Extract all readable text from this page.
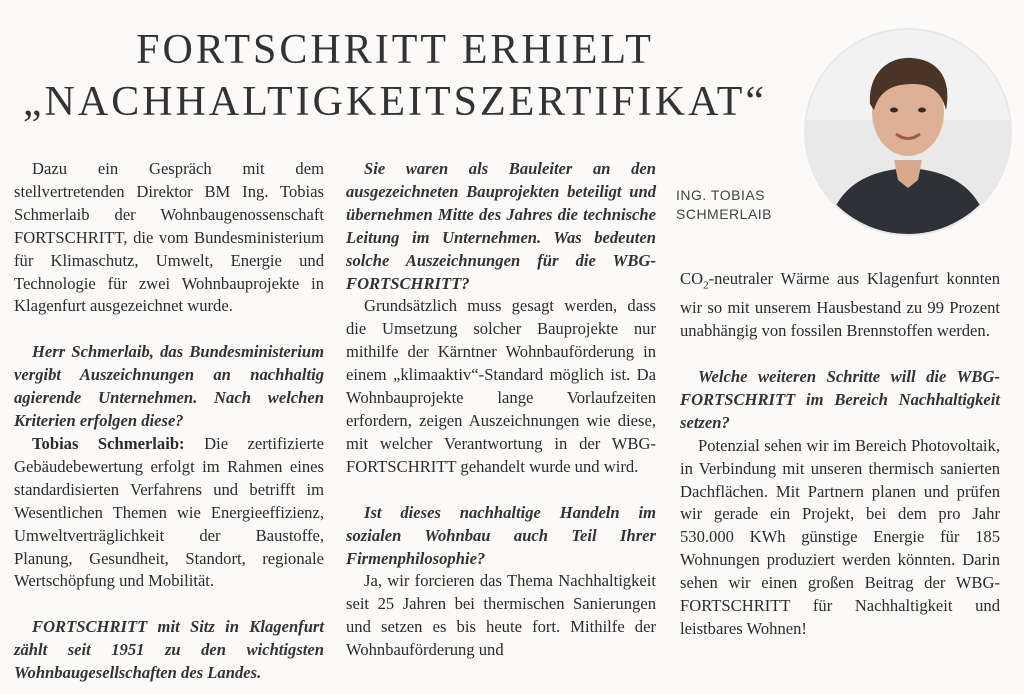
FORTSCHRITT ERHIELT
„NACHHALTIGKEITSZERTIFIKAT“
ING. TOBIAS
SCHMERLAIB

Dazu ein Gespräch mit dem stellvertretenden Direktor BM Ing. Tobias Schmerlaib der Wohnbaugenossenschaft FORTSCHRITT, die vom Bundesministerium für Klimaschutz, Umwelt, Energie und Technologie für zwei Wohnbauprojekte in Klagenfurt ausgezeichnet wurde.

Herr Schmerlaib, das Bundesministerium vergibt Auszeichnungen an nachhaltig agierende Unternehmen. Nach welchen Kriterien erfolgen diese?

Tobias Schmerlaib: Die zertifizierte Gebäudebewertung erfolgt im Rahmen eines standardisierten Verfahrens und betrifft im Wesentlichen Themen wie Energieeffizienz, Umweltverträglichkeit der Baustoffe, Planung, Gesundheit, Standort, regionale Wertschöpfung und Mobilität.

FORTSCHRITT mit Sitz in Klagenfurt zählt seit 1951 zu den wichtigsten Wohnbaugesellschaften des Landes.

Sie waren als Bauleiter an den ausgezeichneten Bauprojekten beteiligt und übernehmen Mitte des Jahres die technische Leitung im Unternehmen. Was bedeuten solche Auszeichnungen für die WBG-FORTSCHRITT?

Grundsätzlich muss gesagt werden, dass die Umsetzung solcher Bauprojekte nur mithilfe der Kärntner Wohnbauförderung in einem „klimaaktiv“-Standard möglich ist. Da Wohnbauprojekte lange Vorlaufzeiten erfordern, zeigen Auszeichnungen wie diese, mit welcher Verantwortung in der WBG-FORTSCHRITT gehandelt wurde und wird.

Ist dieses nachhaltige Handeln im sozialen Wohnbau auch Teil Ihrer Firmenphilosophie?

Ja, wir forcieren das Thema Nachhaltigkeit seit 25 Jahren bei thermischen Sanierungen und setzen es bis heute fort. Mithilfe der Wohnbauförderung und

$CO_2$-neutraler Wärme aus Klagenfurt konnten wir so mit unserem Hausbestand zu 99 Prozent unabhängig von fossilen Brennstoffen werden.

Welche weiteren Schritte will die WBG-FORTSCHRITT im Bereich Nachhaltigkeit setzen?

Potenzial sehen wir im Bereich Photovoltaik, in Verbindung mit unseren thermisch sanierten Dachflächen. Mit Partnern planen und prüfen wir gerade ein Projekt, bei dem pro Jahr 530.000 KWh günstige Energie für 185 Wohnungen produziert werden könnten. Darin sehen wir einen großen Beitrag der WBG-FORTSCHRITT für Nachhaltigkeit und leistbares Wohnen!
